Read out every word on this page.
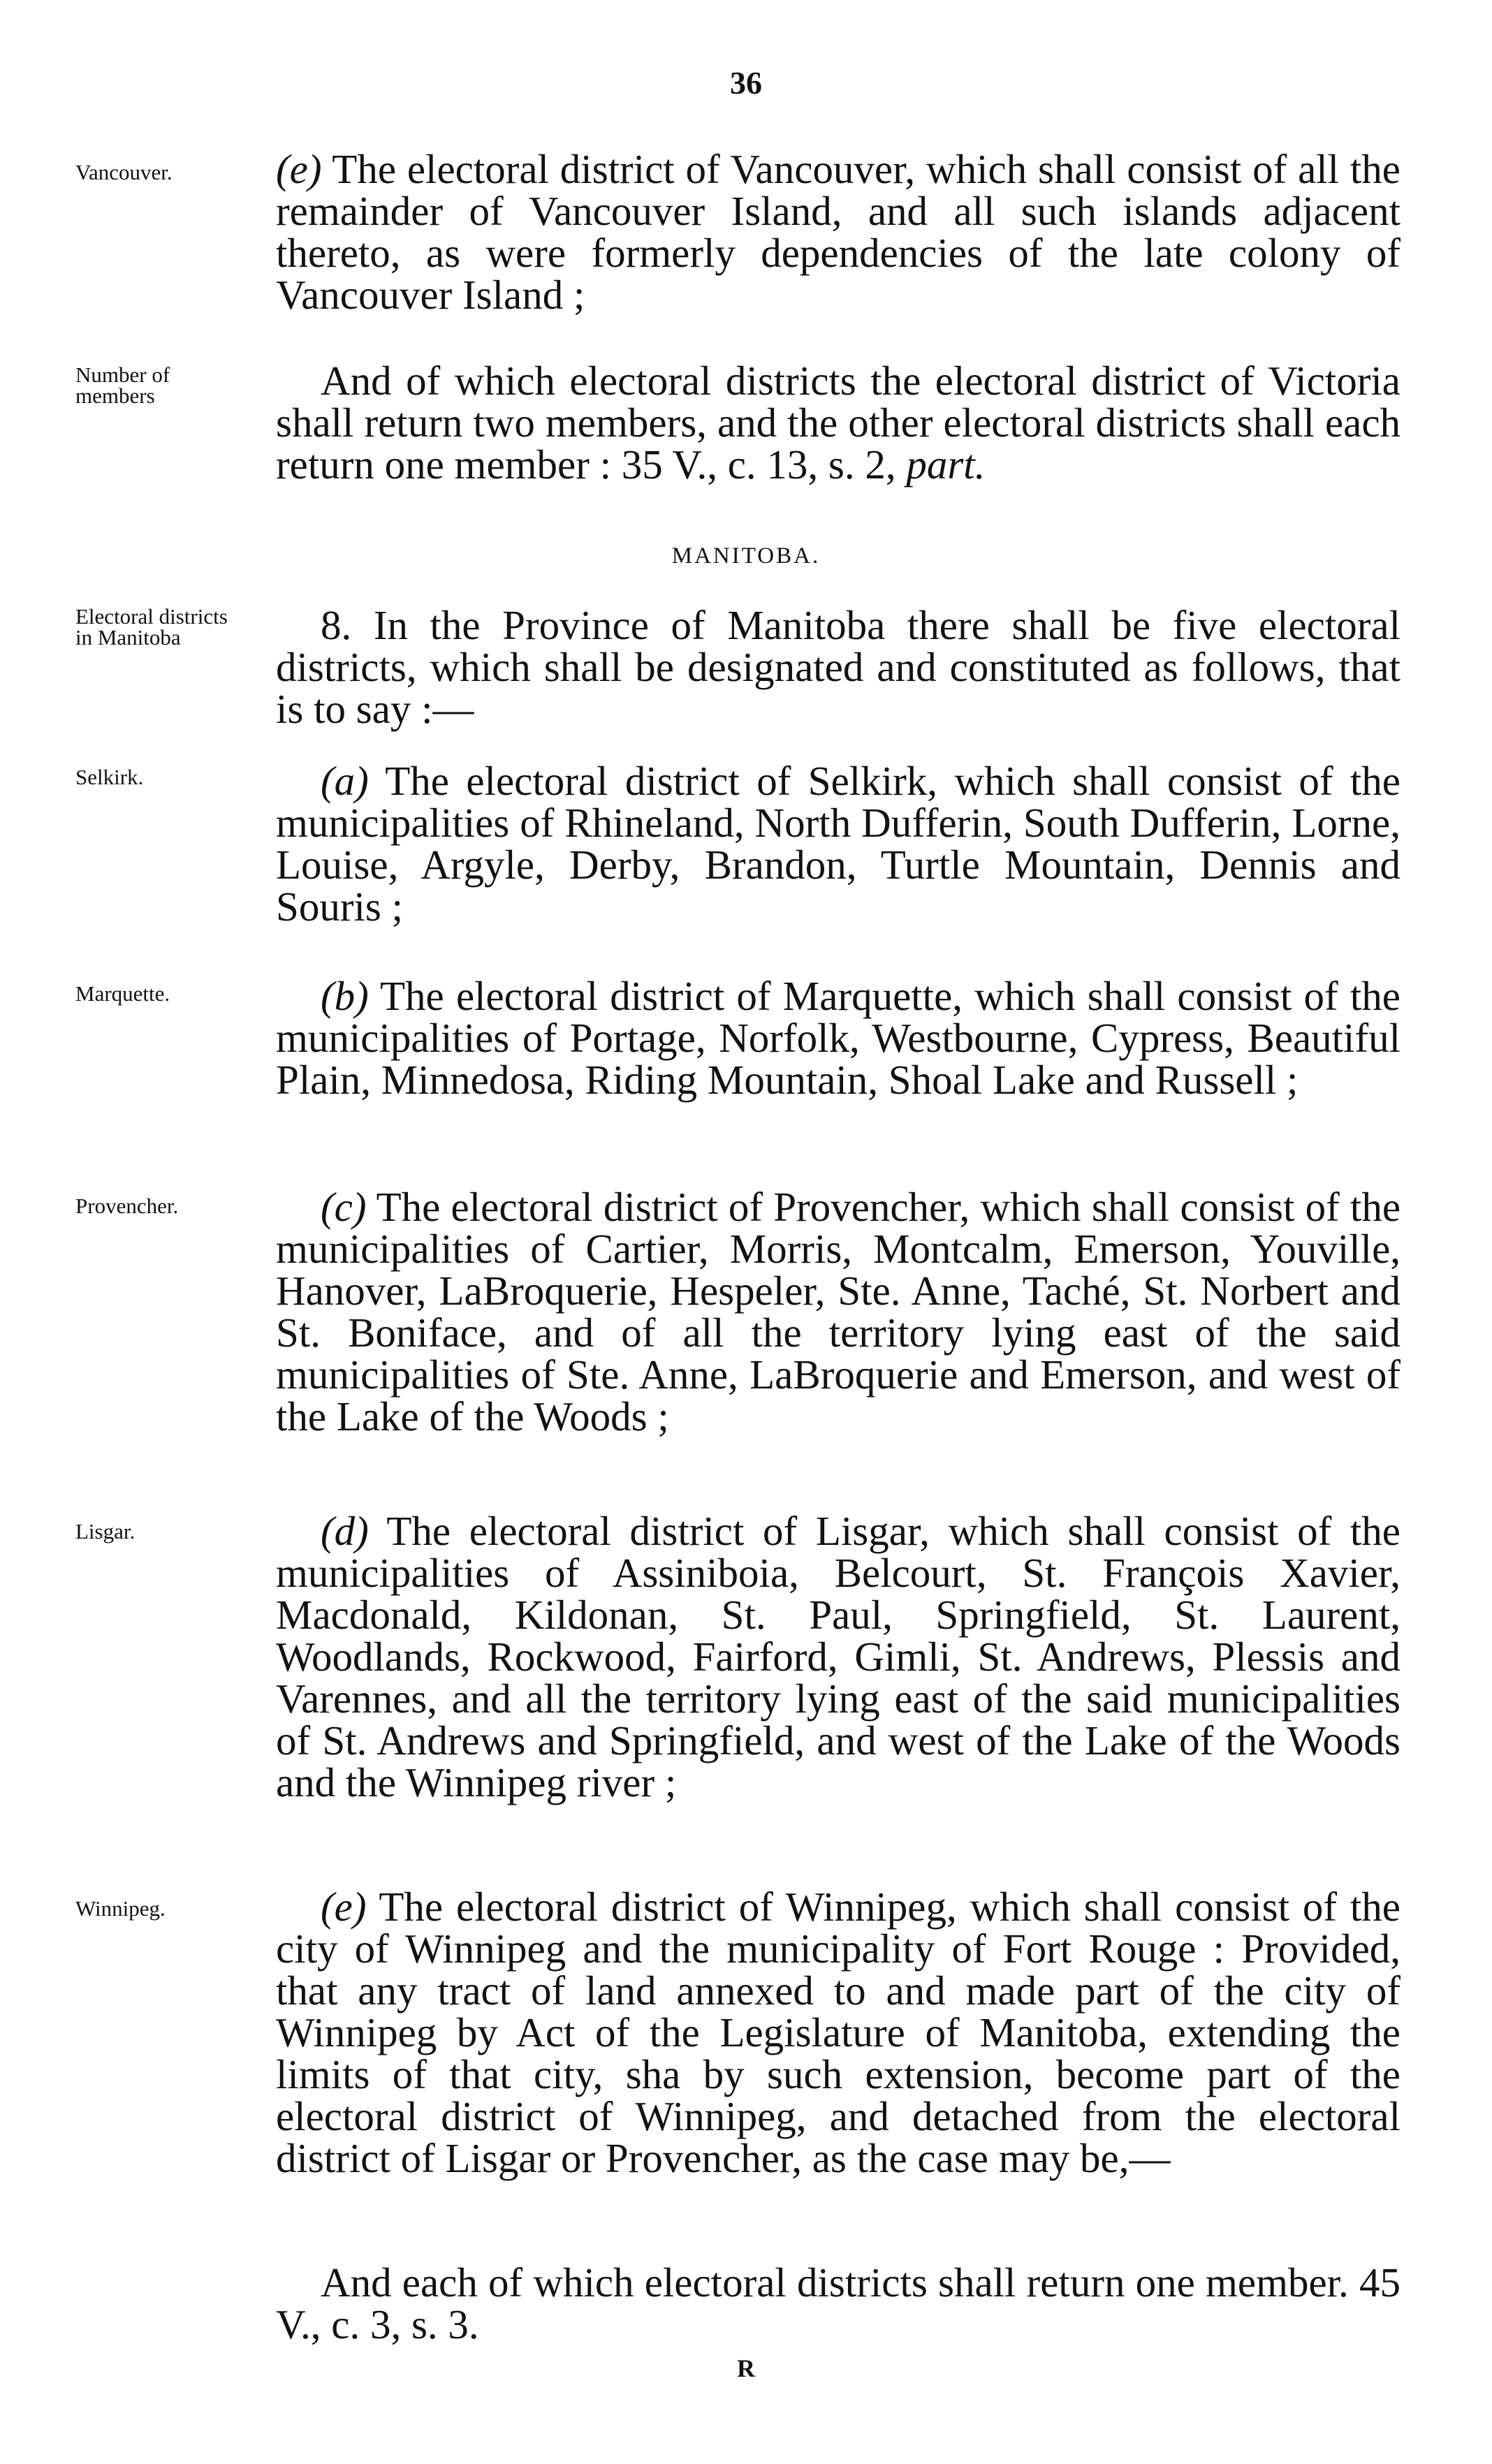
36
Vancouver.	(e) The electoral district of Vancouver, which shall consist of all the remainder of Vancouver Island, and all such islands adjacent thereto, as were formerly dependencies of the late colony of Vancouver Island ;
Number of members	And of which electoral districts the electoral district of Victoria shall return two members, and the other electoral districts shall each return one member : 35 V., c. 13, s. 2, part.
MANITOBA.
Electoral districts in Manitoba	8. In the Province of Manitoba there shall be five electoral districts, which shall be designated and constituted as follows, that is to say :—
Selkirk.	(a) The electoral district of Selkirk, which shall consist of the municipalities of Rhineland, North Dufferin, South Dufferin, Lorne, Louise, Argyle, Derby, Brandon, Turtle Mountain, Dennis and Souris ;
Marquette.	(b) The electoral district of Marquette, which shall consist of the municipalities of Portage, Norfolk, Westbourne, Cypress, Beautiful Plain, Minnedosa, Riding Mountain, Shoal Lake and Russell ;
Provencher.	(c) The electoral district of Provencher, which shall consist of the municipalities of Cartier, Morris, Montcalm, Emerson, Youville, Hanover, LaBroquerie, Hespeler, Ste. Anne, Taché, St. Norbert and St. Boniface, and of all the territory lying east of the said municipalities of Ste. Anne, LaBroquerie and Emerson, and west of the Lake of the Woods ;
Lisgar.	(d) The electoral district of Lisgar, which shall consist of the municipalities of Assiniboia, Belcourt, St. François Xavier, Macdonald, Kildonan, St. Paul, Springfield, St. Laurent, Woodlands, Rockwood, Fairford, Gimli, St. Andrews, Plessis and Varennes, and all the territory lying east of the said municipalities of St. Andrews and Springfield, and west of the Lake of the Woods and the Winnipeg river ;
Winnipeg.	(e) The electoral district of Winnipeg, which shall consist of the city of Winnipeg and the municipality of Fort Rouge : Provided, that any tract of land annexed to and made part of the city of Winnipeg by Act of the Legislature of Manitoba, extending the limits of that city, sha by such extension, become part of the electoral district of Winnipeg, and detached from the electoral district of Lisgar or Provencher, as the case may be,—
And each of which electoral districts shall return one member. 45 V., c. 3, s. 3.
R
